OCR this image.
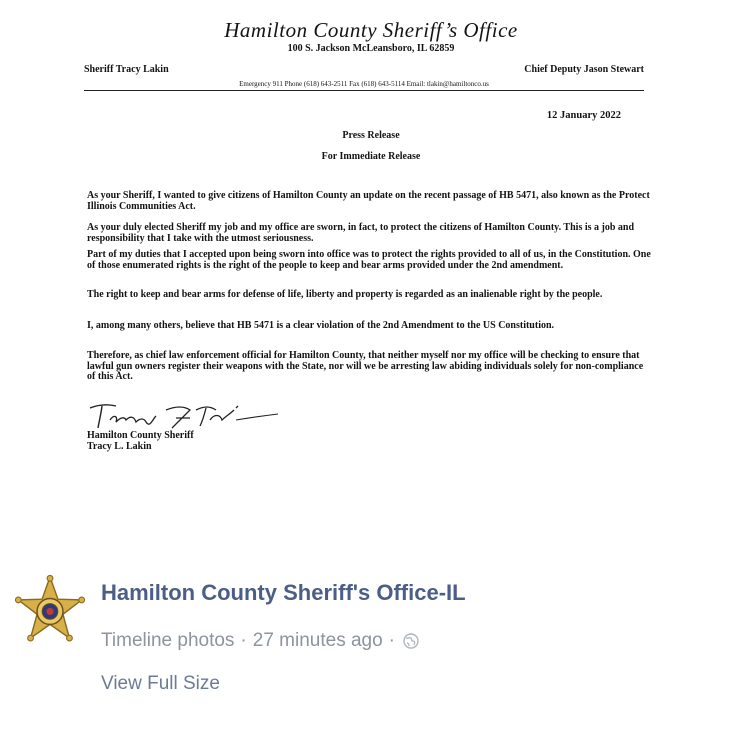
Hamilton County Sheriff’s Office
100 S. Jackson McLeansboro, IL 62859
Sheriff Tracy Lakin	Chief Deputy Jason Stewart
Emergency 911 Phone (618) 643-2511 Fax (618) 643-5114 Email: tlakin@hamiltonco.us
12 January 2022
Press Release
For Immediate Release
As your Sheriff, I wanted to give citizens of Hamilton County an update on the recent passage of HB 5471, also known as the Protect Illinois Communities Act.
As your duly elected Sheriff my job and my office are sworn, in fact, to protect the citizens of Hamilton County. This is a job and responsibility that I take with the utmost seriousness.
Part of my duties that I accepted upon being sworn into office was to protect the rights provided to all of us, in the Constitution. One of those enumerated rights is the right of the people to keep and bear arms provided under the 2nd amendment.
The right to keep and bear arms for defense of life, liberty and property is regarded as an inalienable right by the people.
I, among many others, believe that HB 5471 is a clear violation of the 2nd Amendment to the US Constitution.
Therefore, as chief law enforcement official for Hamilton County, that neither myself nor my office will be checking to ensure that lawful gun owners register their weapons with the State, nor will we be arresting law abiding individuals solely for non-compliance of this Act.
Hamilton County Sheriff
Tracy L. Lakin
Hamilton County Sheriff's Office-IL
Timeline photos · 27 minutes ago ·
View Full Size
